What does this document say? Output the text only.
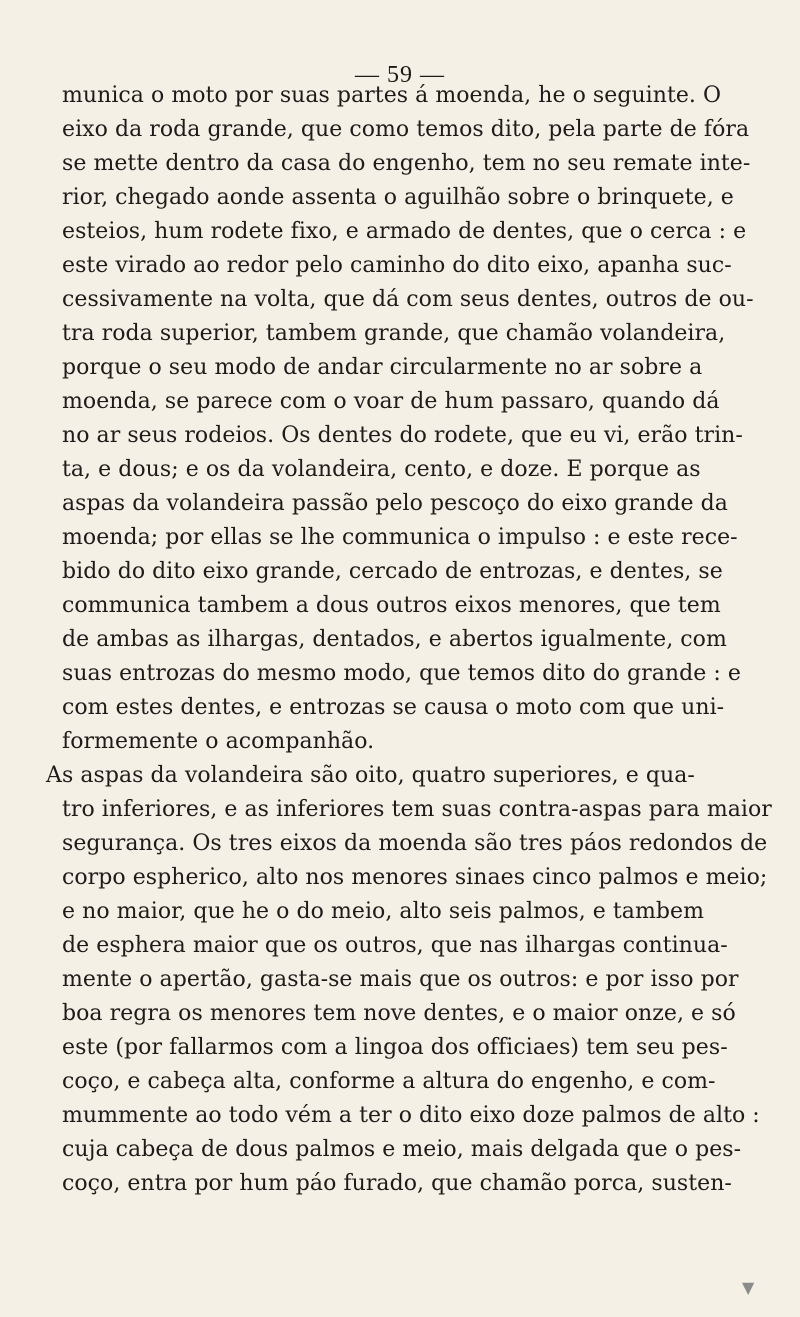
— 59 —
munica o moto por suas partes á moenda, he o seguinte. O
eixo da roda grande, que como temos dito, pela parte de fóra
se mette dentro da casa do engenho, tem no seu remate inte-
rior, chegado aonde assenta o aguilhão sobre o brinquete, e
esteios, hum rodete fixo, e armado de dentes, que o cerca : e
este virado ao redor pelo caminho do dito eixo, apanha suc-
cessivamente na volta, que dá com seus dentes, outros de ou-
tra roda superior, tambem grande, que chamão volandeira,
porque o seu modo de andar circularmente no ar sobre a
moenda, se parece com o voar de hum passaro, quando dá
no ar seus rodeios. Os dentes do rodete, que eu vi, erão trin-
ta, e dous; e os da volandeira, cento, e doze. E porque as
aspas da volandeira passão pelo pescoço do eixo grande da
moenda; por ellas se lhe communica o impulso : e este rece-
bido do dito eixo grande, cercado de entrozas, e dentes, se
communica tambem a dous outros eixos menores, que tem
de ambas as ilhargas, dentados, e abertos igualmente, com
suas entrozas do mesmo modo, que temos dito do grande : e
com estes dentes, e entrozas se causa o moto com que uni-
formemente o acompanhão.
As aspas da volandeira são oito, quatro superiores, e qua-
tro inferiores, e as inferiores tem suas contra-aspas para maior
segurança. Os tres eixos da moenda são tres páos redondos de
corpo espherico, alto nos menores sinaes cinco palmos e meio;
e no maior, que he o do meio, alto seis palmos, e tambem
de esphera maior que os outros, que nas ilhargas continua-
mente o apertão, gasta-se mais que os outros: e por isso por
boa regra os menores tem nove dentes, e o maior onze, e só
este (por fallarmos com a lingoa dos officiaes) tem seu pes-
coço, e cabeça alta, conforme a altura do engenho, e com-
mummente ao todo vém a ter o dito eixo doze palmos de alto :
cuja cabeça de dous palmos e meio, mais delgada que o pes-
coço, entra por hum páo furado, que chamão porca, susten-
▼
